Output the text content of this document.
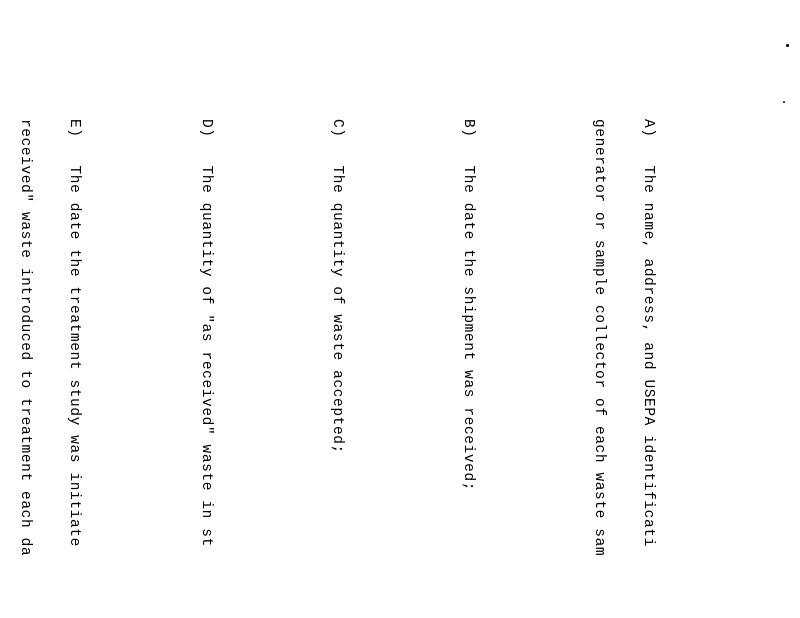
A)   The name, address, and USEPA identificati

generator or sample collector of each waste sam

B)   The date the shipment was received;

C)   The quantity of waste accepted;

D)   The quantity of "as received" waste in st

E)   The date the treatment study was initiate

received" waste introduced to treatment each da
